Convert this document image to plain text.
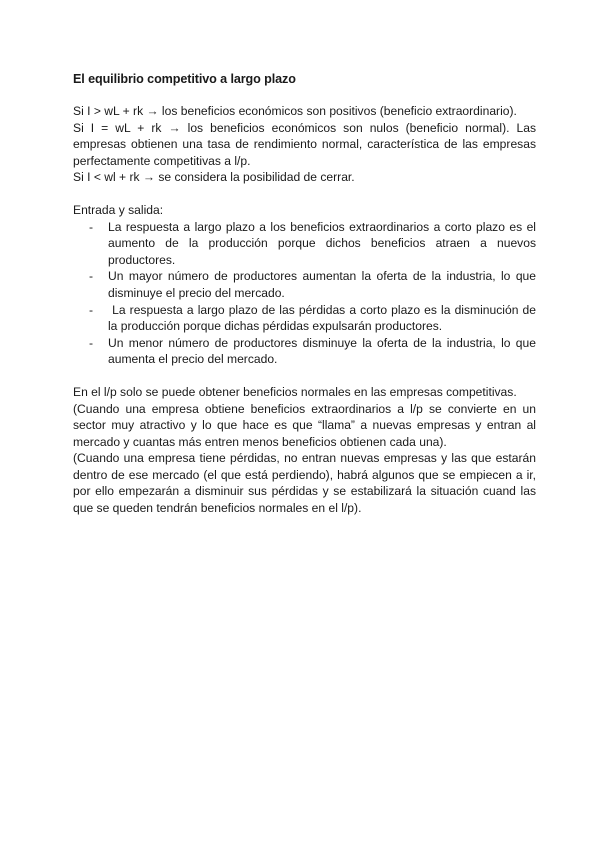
El equilibrio competitivo a largo plazo

Si I > wL + rk → los beneficios económicos son positivos (beneficio extraordinario).

Si I = wL + rk → los beneficios económicos son nulos (beneficio normal). Las empresas obtienen una tasa de rendimiento normal, característica de las empresas perfectamente competitivas a l/p.

Si I < wl + rk → se considera la posibilidad de cerrar.

Entrada y salida:

- La respuesta a largo plazo a los beneficios extraordinarios a corto plazo es el aumento de la producción porque dichos beneficios atraen a nuevos productores.
- Un mayor número de productores aumentan la oferta de la industria, lo que disminuye el precio del mercado.
- La respuesta a largo plazo de las pérdidas a corto plazo es la disminución de la producción porque dichas pérdidas expulsarán productores.
- Un menor número de productores disminuye la oferta de la industria, lo que aumenta el precio del mercado.

En el l/p solo se puede obtener beneficios normales en las empresas competitivas.

(Cuando una empresa obtiene beneficios extraordinarios a l/p se convierte en un sector muy atractivo y lo que hace es que “llama” a nuevas empresas y entran al mercado y cuantas más entren menos beneficios obtienen cada una).

(Cuando una empresa tiene pérdidas, no entran nuevas empresas y las que estarán dentro de ese mercado (el que está perdiendo), habrá algunos que se empiecen a ir, por ello empezarán a disminuir sus pérdidas y se estabilizará la situación cuand las que se queden tendrán beneficios normales en el l/p).
